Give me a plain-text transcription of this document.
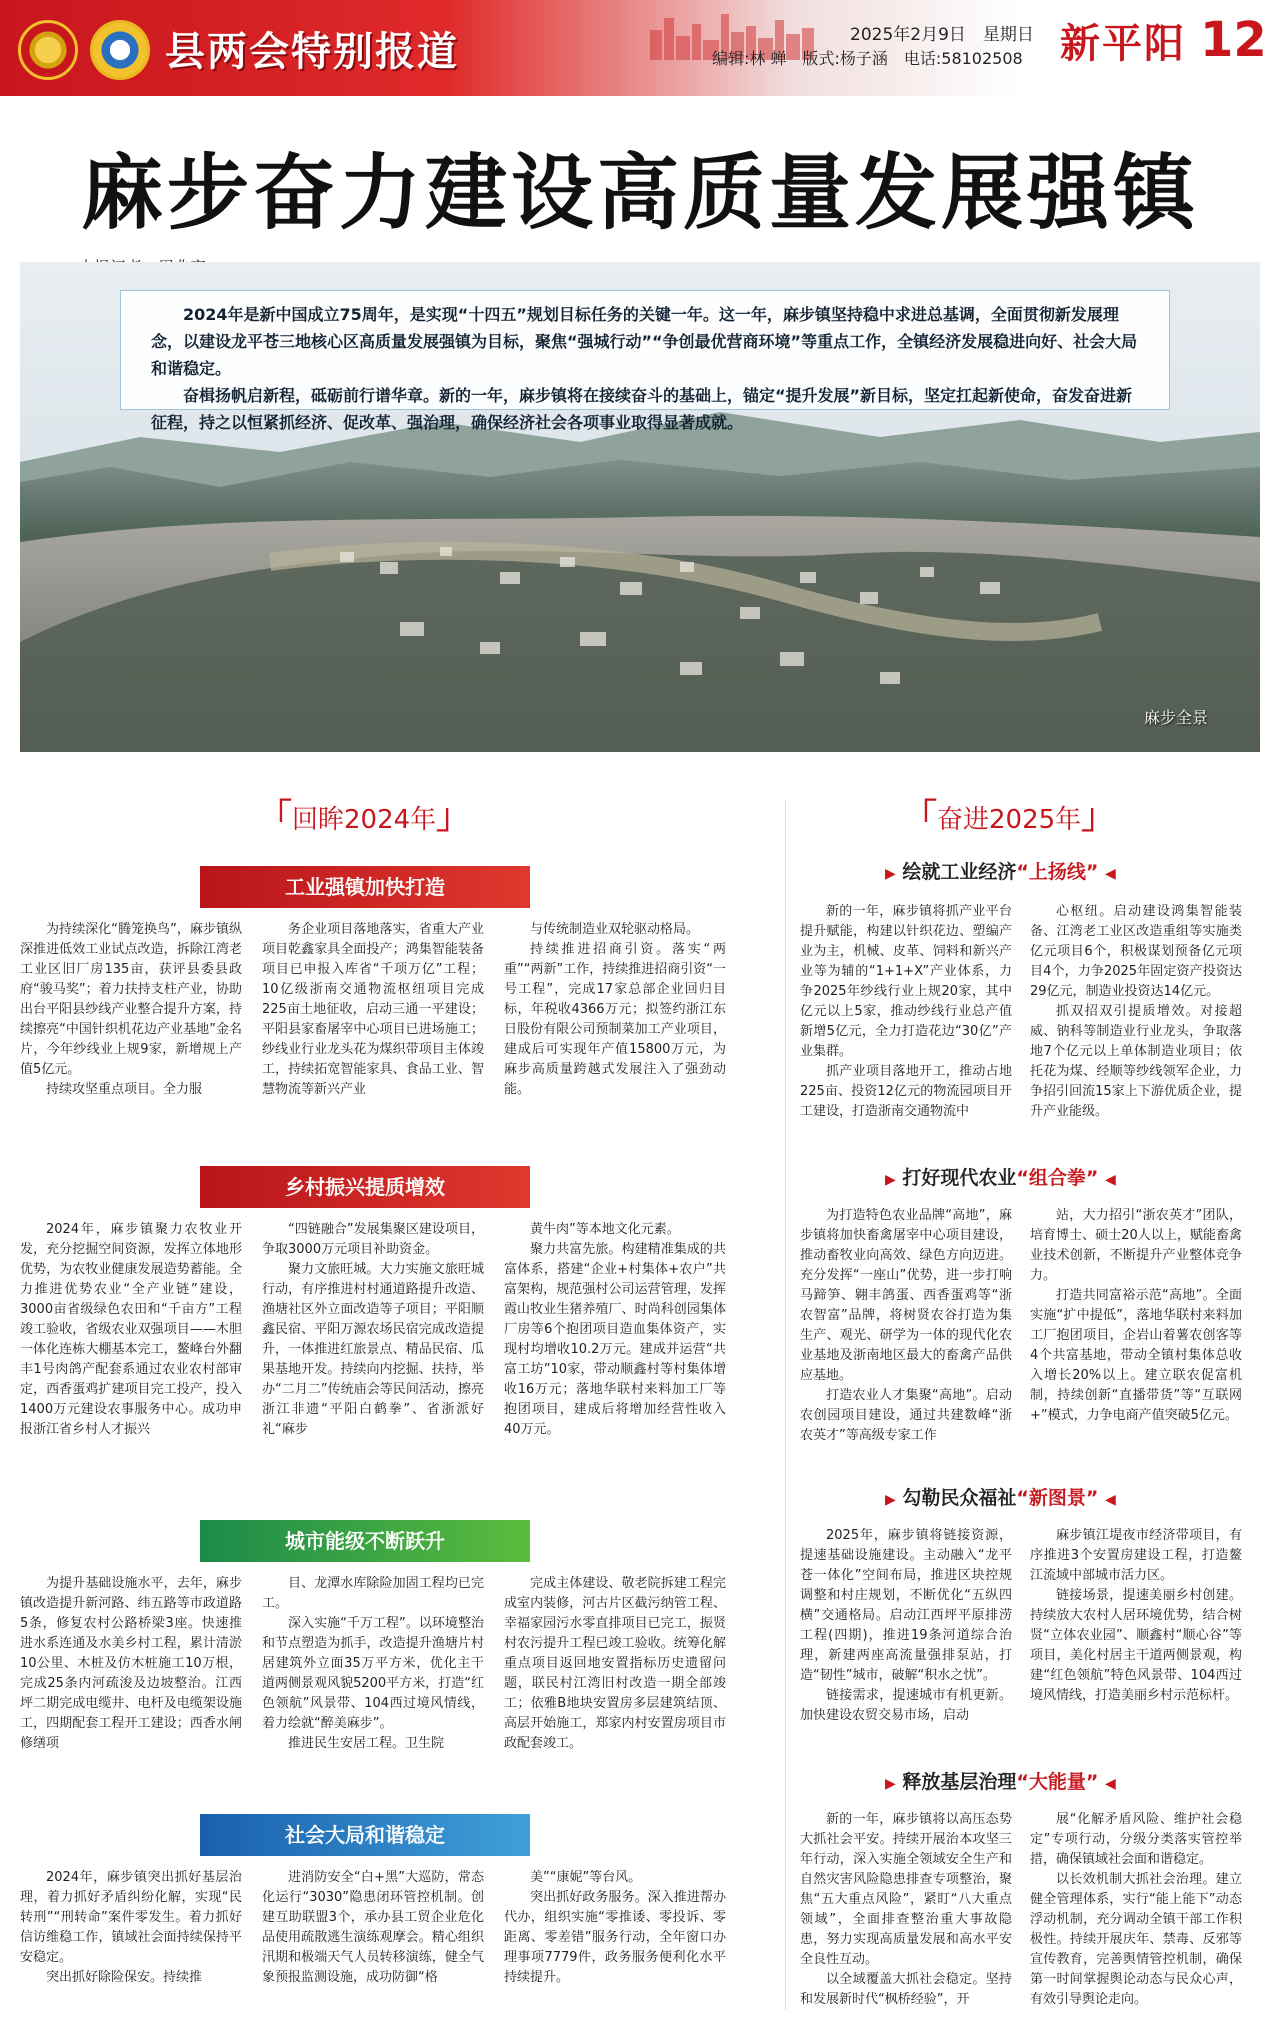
县两会特别报道	2025年2月9日　星期日
编辑:林 蝉　版式:杨子涵　电话:58102508 新平阳 12
麻步奋力建设高质量发展强镇

2024年是新中国成立75周年，是实现“十四五”规划目标任务的关键一年。这一年，麻步镇坚持稳中求进总基调，全面贯彻新发展理念，以建设龙平苍三地核心区高质量发展强镇为目标，聚焦“强城行动”“争创最优营商环境”等重点工作，全镇经济发展稳进向好、社会大局和谐稳定。

奋楫扬帆启新程，砥砺前行谱华章。新的一年，麻步镇将在接续奋斗的基础上，锚定“提升发展”新目标，坚定扛起新使命，奋发奋进新征程，持之以恒紧抓经济、促改革、强治理，确保经济社会各项事业取得显著成就。

麻步全景
「回眸2024年」	「奋进2025年」
工业强镇加快打造

为持续深化“腾笼换鸟”，麻步镇纵深推进低效工业试点改造，拆除江湾老工业区旧厂房135亩，获评县委县政府“骏马奖”；着力扶持支柱产业，协助出台平阳县纱线产业整合提升方案，持续擦亮“中国针织机花边产业基地”金名片，今年纱线业上规9家，新增规上产值5亿元。

持续攻坚重点项目。全力服

务企业项目落地落实，省重大产业项目乾鑫家具全面投产；鸿集智能装备项目已申报入库省“千项万亿”工程；10亿级浙南交通物流枢纽项目完成225亩土地征收，启动三通一平建设；平阳县家畜屠宰中心项目已进场施工；纱线业行业龙头花为煤织带项目主体竣工，持续拓宽智能家具、食品工业、智慧物流等新兴产业

与传统制造业双轮驱动格局。

持续推进招商引资。落实“两重”“两新”工作，持续推进招商引资“一号工程”，完成17家总部企业回归目标，年税收4366万元；拟签约浙江东日股份有限公司预制菜加工产业项目，建成后可实现年产值15800万元，为麻步高质量跨越式发展注入了强劲动能。

乡村振兴提质增效

2024年，麻步镇聚力农牧业开发，充分挖掘空间资源，发挥立体地形优势，为农牧业健康发展造势蓄能。全力推进优势农业“全产业链”建设，3000亩省级绿色农田和“千亩方”工程竣工验收，省级农业双强项目——木胆一体化连栋大棚基本完工，鳌峰台外翻丰1号肉鸽产配套系通过农业农村部审定，西香蛋鸡扩建项目完工投产，投入1400万元建设农事服务中心。成功申报浙江省乡村人才振兴

“四链融合”发展集聚区建设项目，争取3000万元项目补助资金。

聚力文旅旺城。大力实施文旅旺城行动，有序推进村村通道路提升改造、渔塘社区外立面改造等子项目；平阳顺鑫民宿、平阳万源农场民宿完成改造提升，一体推进红旅景点、精品民宿、瓜果基地开发。持续向内挖掘、扶持，举办“二月二”传统庙会等民间活动，擦亮浙江非遗“平阳白鹤拳”、省浙派好礼“麻步

黄牛肉”等本地文化元素。

聚力共富先旅。构建精准集成的共富体系，搭建“企业+村集体+农户”共富架构，规范强村公司运营管理，发挥霞山牧业生猪养殖厂、时尚科创园集体厂房等6个抱团项目造血集体资产，实现村均增收10.2万元。建成并运营“共富工坊”10家，带动顺鑫村等村集体增收16万元；落地华联村来料加工厂等抱团项目，建成后将增加经营性收入40万元。

城市能级不断跃升

为提升基础设施水平，去年，麻步镇改造提升新河路、纬五路等市政道路5条，修复农村公路桥梁3座。快速推进水系连通及水美乡村工程，累计清淤10公里、木桩及仿木桩施工10万根，完成25条内河疏浚及边坡整治。江西坪二期完成电缆井、电杆及电缆架设施工，四期配套工程开工建设；西香水闸修缮项

目、龙潭水库除险加固工程均已完工。

深入实施“千万工程”。以环境整治和节点塑造为抓手，改造提升渔塘片村居建筑外立面35万平方米，优化主干道两侧景观风貌5200平方米，打造“红色领航”风景带、104西过境风情线，着力绘就“醉美麻步”。

推进民生安居工程。卫生院

完成主体建设、敬老院拆建工程完成室内装修，河古片区截污纳管工程、幸福家园污水零直排项目已完工，振贤村农污提升工程已竣工验收。统筹化解重点项目返回地安置指标历史遗留问题，联民村江湾旧村改造一期全部竣工；依雅B地块安置房多层建筑结顶、高层开始施工，郑家内村安置房项目市政配套竣工。

社会大局和谐稳定

2024年，麻步镇突出抓好基层治理，着力抓好矛盾纠纷化解，实现“民转刑”“刑转命”案件零发生。着力抓好信访维稳工作，镇域社会面持续保持平安稳定。

突出抓好除险保安。持续推

进消防安全“白+黑”大巡防，常态化运行“3030”隐患闭环管控机制。创建互助联盟3个，承办县工贸企业危化品使用疏散逃生演练观摩会。精心组织汛期和极端天气人员转移演练，健全气象预报监测设施，成功防御“格

美”“康妮”等台风。

突出抓好政务服务。深入推进帮办代办，组织实施“零推诿、零投诉、零距离、零差错”服务行动，全年窗口办理事项7779件，政务服务便利化水平持续提升。

▶ 绘就工业经济“上扬线” ◀

新的一年，麻步镇将抓产业平台提升赋能，构建以针织花边、塑编产业为主，机械、皮革、饲料和新兴产业等为辅的“1+1+X”产业体系，力争2025年纱线行业上规20家，其中亿元以上5家，推动纱线行业总产值新增5亿元，全力打造花边“30亿”产业集群。

抓产业项目落地开工，推动占地225亩、投资12亿元的物流园项目开工建设，打造浙南交通物流中

心枢纽。启动建设鸿集智能装备、江湾老工业区改造重组等实施类亿元项目6个，积极谋划预备亿元项目4个，力争2025年固定资产投资达29亿元，制造业投资达14亿元。

抓双招双引提质增效。对接超威、钠科等制造业行业龙头，争取落地7个亿元以上单体制造业项目；依托花为煤、经顺等纱线领军企业，力争招引回流15家上下游优质企业，提升产业能级。

▶ 打好现代农业“组合拳” ◀

为打造特色农业品牌“高地”，麻步镇将加快畜禽屠宰中心项目建设，推动畜牧业向高效、绿色方向迈进。充分发挥“一座山”优势，进一步打响马蹄笋、翱丰鸽蛋、西香蛋鸡等“浙农智富”品牌，将树贤农谷打造为集生产、观光、研学为一体的现代化农业基地及浙南地区最大的畜禽产品供应基地。

打造农业人才集聚“高地”。启动农创园项目建设，通过共建数峰“浙农英才”等高级专家工作

站，大力招引“浙农英才”团队，培育博士、硕士20人以上，赋能畜禽业技术创新，不断提升产业整体竞争力。

打造共同富裕示范“高地”。全面实施“扩中提低”，落地华联村来料加工厂抱团项目，企岩山着薯农创客等4个共富基地，带动全镇村集体总收入增长20%以上。建立联农促富机制，持续创新“直播带货”等“互联网+”模式，力争电商产值突破5亿元。

▶ 勾勒民众福祉“新图景” ◀

2025年，麻步镇将链接资源，提速基础设施建设。主动融入“龙平苍一体化”空间布局，推进区块控规调整和村庄规划，不断优化“五纵四横”交通格局。启动江西坪平原排涝工程(四期)，推进19条河道综合治理，新建两座高流量强排泵站，打造“韧性”城市，破解“积水之忧”。

链接需求，提速城市有机更新。加快建设农贸交易市场，启动

麻步镇江堤夜市经济带项目，有序推进3个安置房建设工程，打造鳌江流域中部城市活力区。

链接场景，提速美丽乡村创建。持续放大农村人居环境优势，结合树贤“立体农业园”、顺鑫村“顺心谷”等项目，美化村居主干道两侧景观，构建“红色领航”特色风景带、104西过境风情线，打造美丽乡村示范标杆。

▶ 释放基层治理“大能量” ◀

新的一年，麻步镇将以高压态势大抓社会平安。持续开展治本攻坚三年行动，深入实施全领域安全生产和自然灾害风险隐患排查专项整治，聚焦“五大重点风险”，紧盯“八大重点领域”，全面排查整治重大事故隐患，努力实现高质量发展和高水平安全良性互动。

以全域覆盖大抓社会稳定。坚持和发展新时代“枫桥经验”，开

展“化解矛盾风险、维护社会稳定”专项行动，分级分类落实管控举措，确保镇域社会面和谐稳定。

以长效机制大抓社会治理。建立健全管理体系，实行“能上能下”动态浮动机制，充分调动全镇干部工作积极性。持续开展庆年、禁毒、反邪等宣传教育，完善舆情管控机制，确保第一时间掌握舆论动态与民众心声，有效引导舆论走向。
